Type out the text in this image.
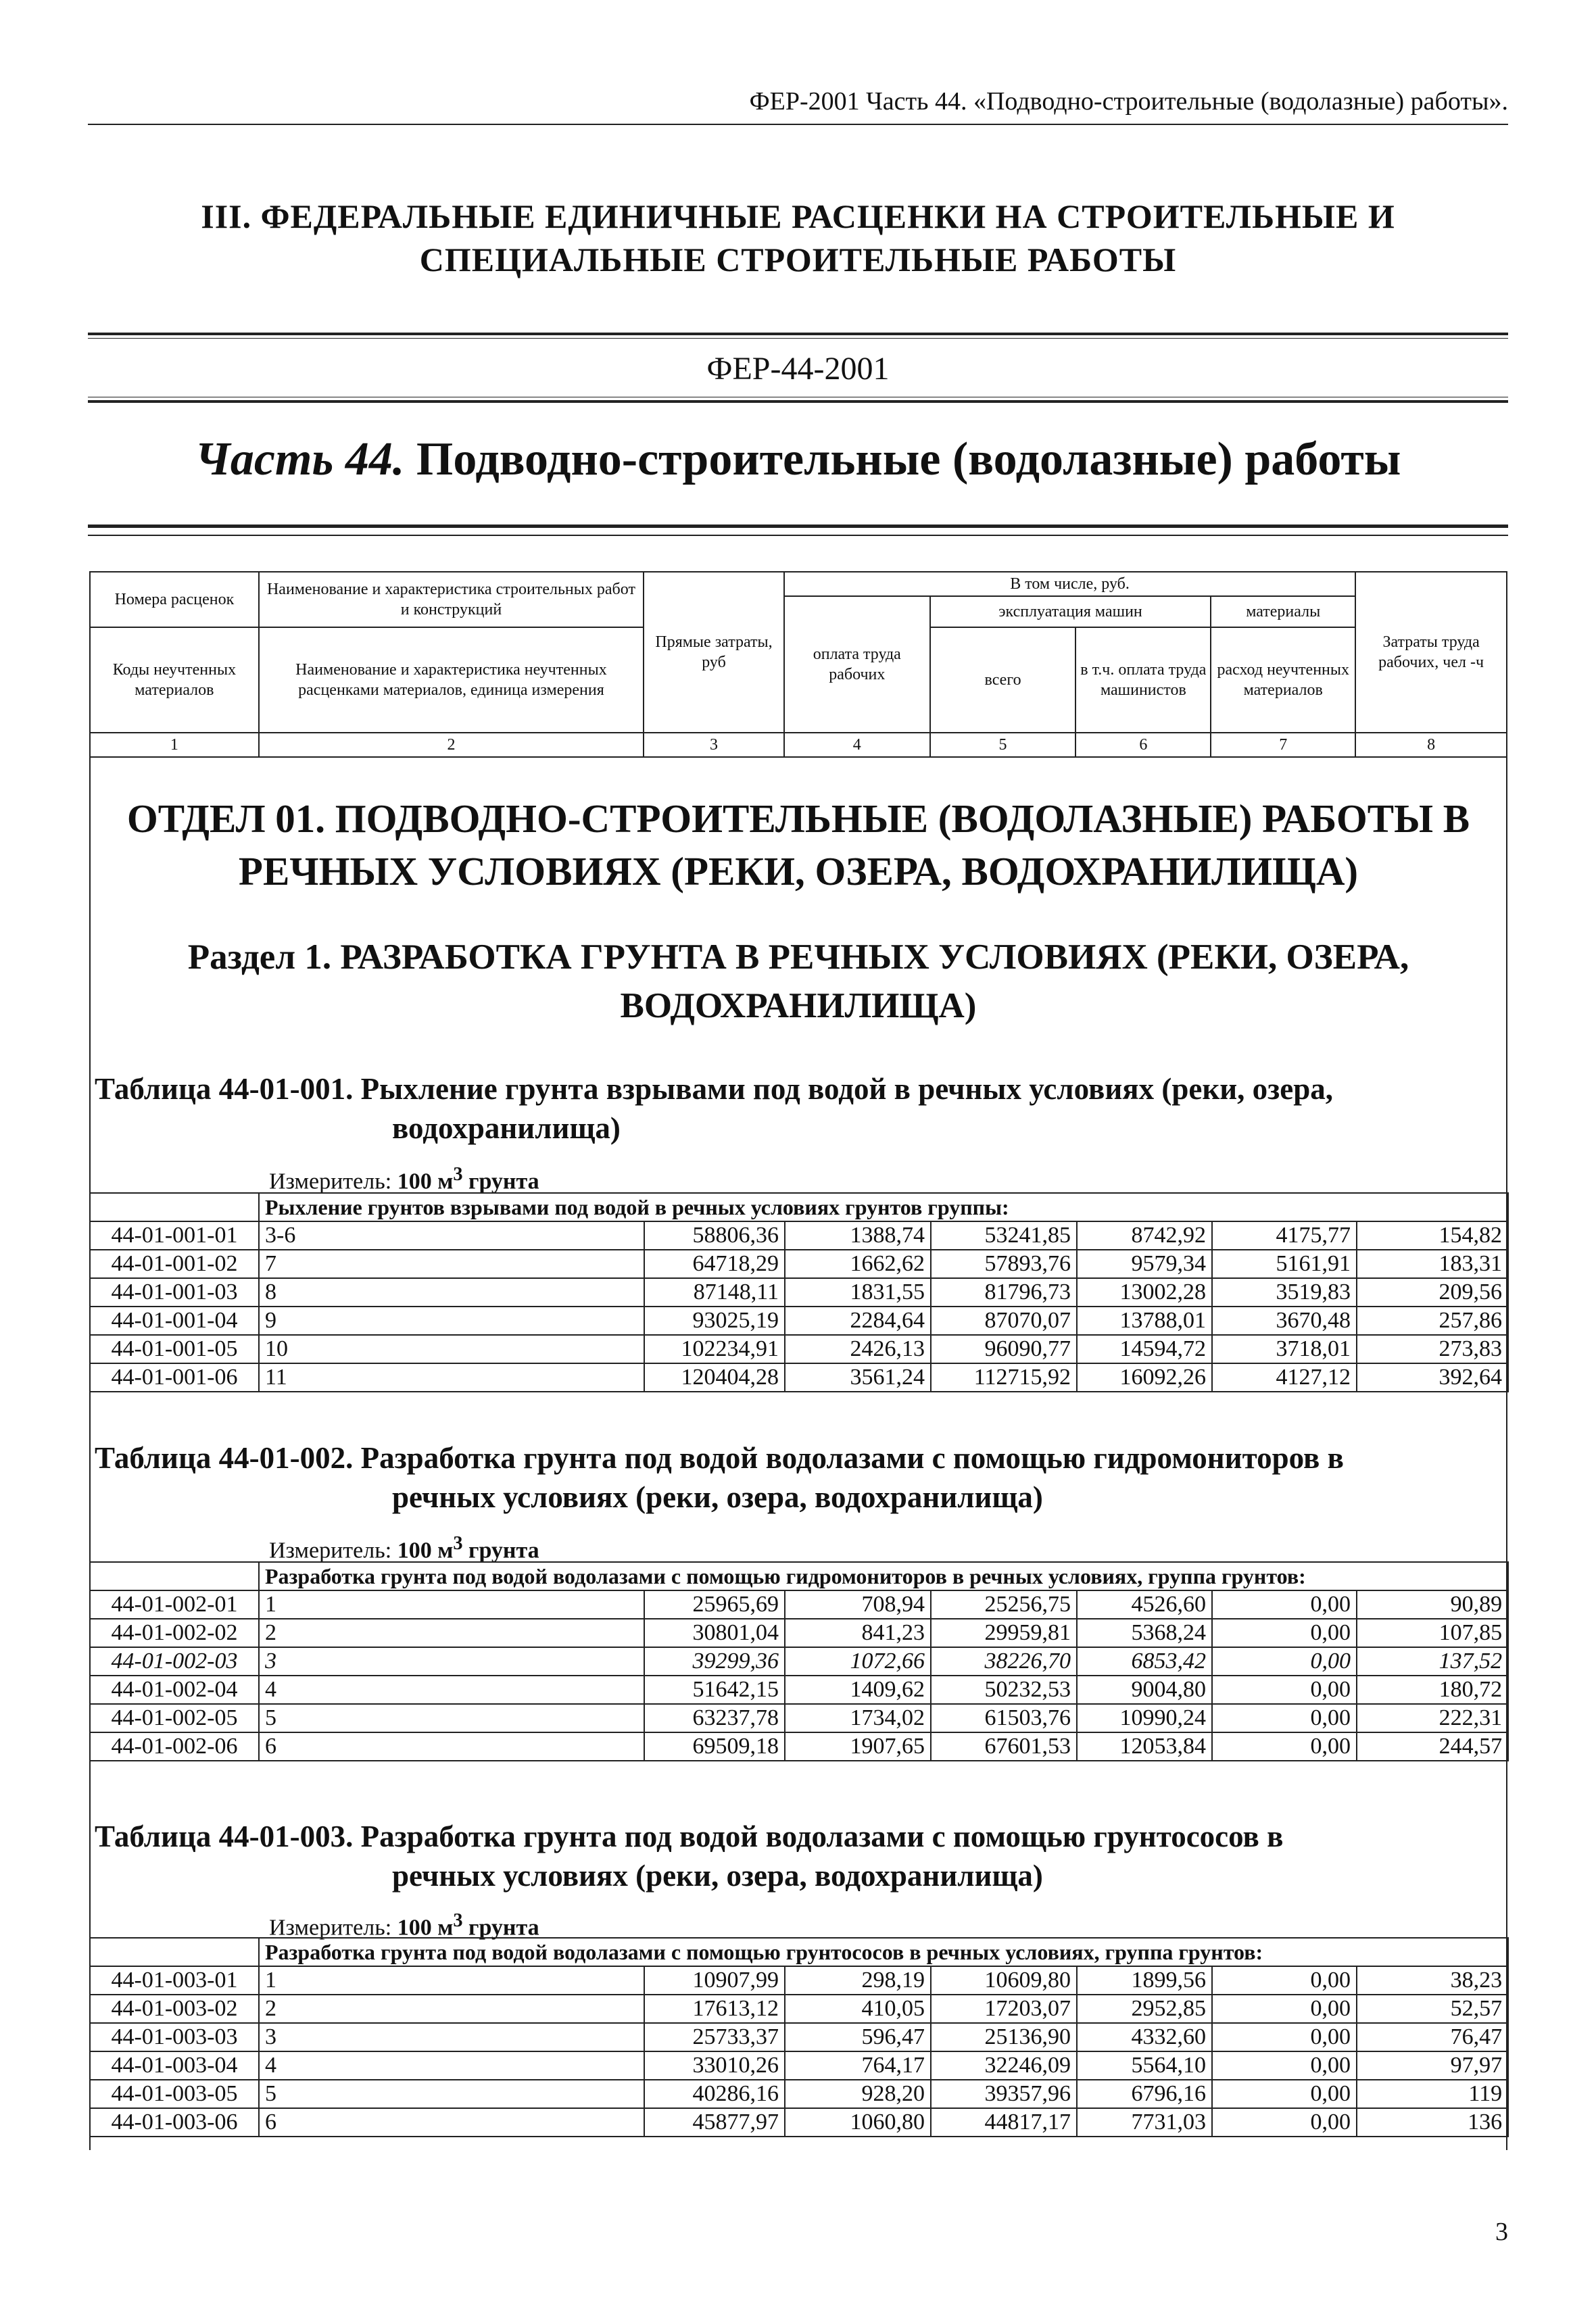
ФЕР-2001 Часть 44. «Подводно-строительные (водолазные) работы».
III. ФЕДЕРАЛЬНЫЕ ЕДИНИЧНЫЕ РАСЦЕНКИ НА СТРОИТЕЛЬНЫЕ И
СПЕЦИАЛЬНЫЕ СТРОИТЕЛЬНЫЕ РАБОТЫ
ФЕР-44-2001
Часть 44. Подводно-строительные (водолазные) работы
Номера расценок	Наименование и характеристика строительных работ и конструкций	Прямые затраты, руб	В том числе, руб.				Затраты труда рабочих, чел -ч
			оплата труда рабочих	эксплуатация машин		материалы	
Коды неучтенных материалов	Наименование и характеристика неучтенных расценками материалов, единица измерения			всего	в т.ч. оплата труда машинистов	расход неучтенных материалов	

1	2	3	4	5	6	7	8
ОТДЕЛ 01. ПОДВОДНО-СТРОИТЕЛЬНЫЕ (ВОДОЛАЗНЫЕ) РАБОТЫ В
РЕЧНЫХ УСЛОВИЯХ (РЕКИ, ОЗЕРА, ВОДОХРАНИЛИЩА)
Раздел 1. РАЗРАБОТКА ГРУНТА В РЕЧНЫХ УСЛОВИЯХ (РЕКИ, ОЗЕРА,
ВОДОХРАНИЛИЩА)
Таблица 44-01-001. Рыхление грунта взрывами под водой в речных условиях (реки, озера,
водохранилища)
Измеритель: 100 $м^3$ грунта
	Рыхление грунтов взрывами под водой в речных условиях грунтов группы:						
44-01-001-01	3-6	58806,36	1388,74	53241,85	8742,92	4175,77	154,82
44-01-001-02	7	64718,29	1662,62	57893,76	9579,34	5161,91	183,31
44-01-001-03	8	87148,11	1831,55	81796,73	13002,28	3519,83	209,56
44-01-001-04	9	93025,19	2284,64	87070,07	13788,01	3670,48	257,86
44-01-001-05	10	102234,91	2426,13	96090,77	14594,72	3718,01	273,83
44-01-001-06	11	120404,28	3561,24	112715,92	16092,26	4127,12	392,64
Таблица 44-01-002. Разработка грунта под водой водолазами с помощью гидромониторов в
речных условиях (реки, озера, водохранилища)
Измеритель: 100 $м^3$ грунта
	Разработка грунта под водой водолазами с помощью гидромониторов в речных условиях, группа грунтов:						
44-01-002-01	1	25965,69	708,94	25256,75	4526,60	0,00	90,89
44-01-002-02	2	30801,04	841,23	29959,81	5368,24	0,00	107,85
44-01-002-03	3	39299,36	1072,66	38226,70	6853,42	0,00	137,52
44-01-002-04	4	51642,15	1409,62	50232,53	9004,80	0,00	180,72
44-01-002-05	5	63237,78	1734,02	61503,76	10990,24	0,00	222,31
44-01-002-06	6	69509,18	1907,65	67601,53	12053,84	0,00	244,57
Таблица 44-01-003. Разработка грунта под водой водолазами с помощью грунтососов в
речных условиях (реки, озера, водохранилища)
Измеритель: 100 $м^3$ грунта
	Разработка грунта под водой водолазами с помощью грунтососов в речных условиях, группа грунтов:						
44-01-003-01	1	10907,99	298,19	10609,80	1899,56	0,00	38,23
44-01-003-02	2	17613,12	410,05	17203,07	2952,85	0,00	52,57
44-01-003-03	3	25733,37	596,47	25136,90	4332,60	0,00	76,47
44-01-003-04	4	33010,26	764,17	32246,09	5564,10	0,00	97,97
44-01-003-05	5	40286,16	928,20	39357,96	6796,16	0,00	119
44-01-003-06	6	45877,97	1060,80	44817,17	7731,03	0,00	136
3
